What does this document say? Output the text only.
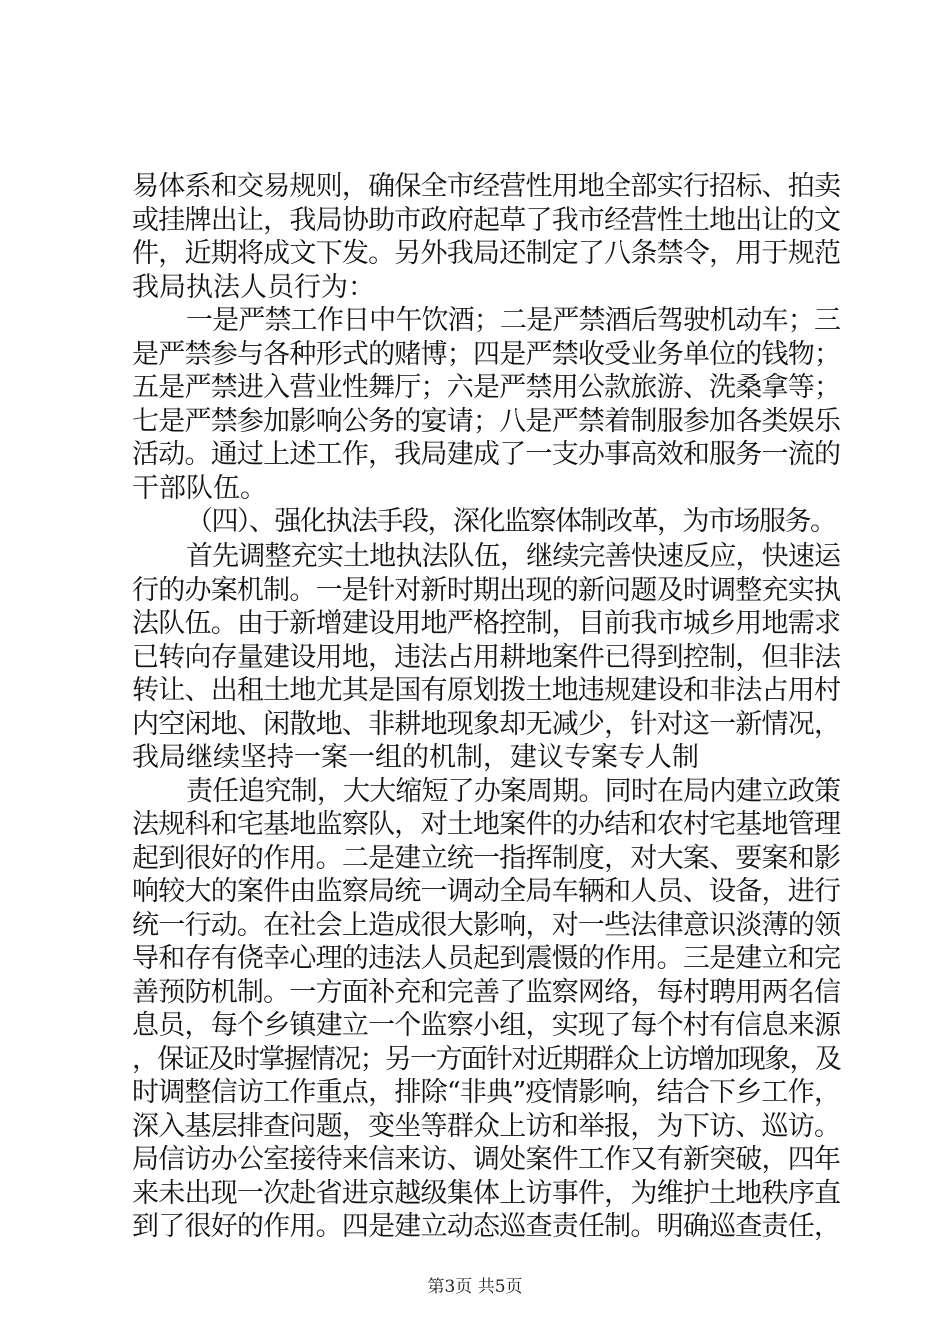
易体系和交易规则，确保全市经营性用地全部实行招标、拍卖
或挂牌出让，我局协助市政府起草了我市经营性土地出让的文
件，近期将成文下发。另外我局还制定了八条禁令，用于规范
我局执法人员行为：
一是严禁工作日中午饮酒；二是严禁酒后驾驶机动车；三
是严禁参与各种形式的赌博；四是严禁收受业务单位的钱物；
五是严禁进入营业性舞厅；六是严禁用公款旅游、洗桑拿等；
七是严禁参加影响公务的宴请；八是严禁着制服参加各类娱乐
活动。通过上述工作，我局建成了一支办事高效和服务一流的
干部队伍。
（四）、强化执法手段，深化监察体制改革，为市场服务。
首先调整充实土地执法队伍，继续完善快速反应，快速运
行的办案机制。一是针对新时期出现的新问题及时调整充实执
法队伍。由于新增建设用地严格控制，目前我市城乡用地需求
已转向存量建设用地，违法占用耕地案件已得到控制，但非法
转让、出租土地尤其是国有原划拨土地违规建设和非法占用村
内空闲地、闲散地、非耕地现象却无减少，针对这一新情况，
我局继续坚持一案一组的机制，建议专案专人制
责任追究制，大大缩短了办案周期。同时在局内建立政策
法规科和宅基地监察队，对土地案件的办结和农村宅基地管理
起到很好的作用。二是建立统一指挥制度，对大案、要案和影
响较大的案件由监察局统一调动全局车辆和人员、设备，进行
统一行动。在社会上造成很大影响，对一些法律意识淡薄的领
导和存有侥幸心理的违法人员起到震慑的作用。三是建立和完
善预防机制。一方面补充和完善了监察网络，每村聘用两名信
息员，每个乡镇建立一个监察小组，实现了每个村有信息来源
，保证及时掌握情况；另一方面针对近期群众上访增加现象，及
时调整信访工作重点，排除“非典”疫情影响，结合下乡工作，
深入基层排查问题，变坐等群众上访和举报，为下访、巡访。
局信访办公室接待来信来访、调处案件工作又有新突破，四年
来未出现一次赴省进京越级集体上访事件，为维护土地秩序直
到了很好的作用。四是建立动态巡查责任制。明确巡查责任，
第3页 共5页
